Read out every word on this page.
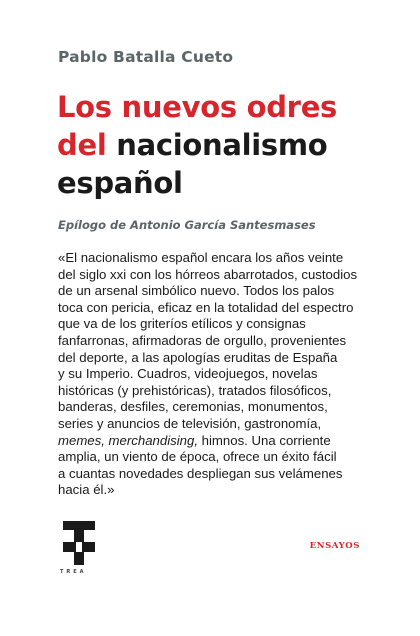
Pablo Batalla Cueto
Los nuevos odres
del nacionalismo
español
Epílogo de Antonio García Santesmases
«El nacionalismo español encara los años veinte
del siglo xxi con los hórreos abarrotados, custodios
de un arsenal simbólico nuevo. Todos los palos
toca con pericia, eficaz en la totalidad del espectro
que va de los griteríos etílicos y consignas
fanfarronas, afirmadoras de orgullo, provenientes
del deporte, a las apologías eruditas de España
y su Imperio. Cuadros, videojuegos, novelas
históricas (y prehistóricas), tratados filosóficos,
banderas, desfiles, ceremonias, monumentos,
series y anuncios de televisión, gastronomía,
memes, merchandising, himnos. Una corriente
amplia, un viento de época, ofrece un éxito fácil
a cuantas novedades despliegan sus velámenes
hacia él.»
TREA
ENSAYOS
